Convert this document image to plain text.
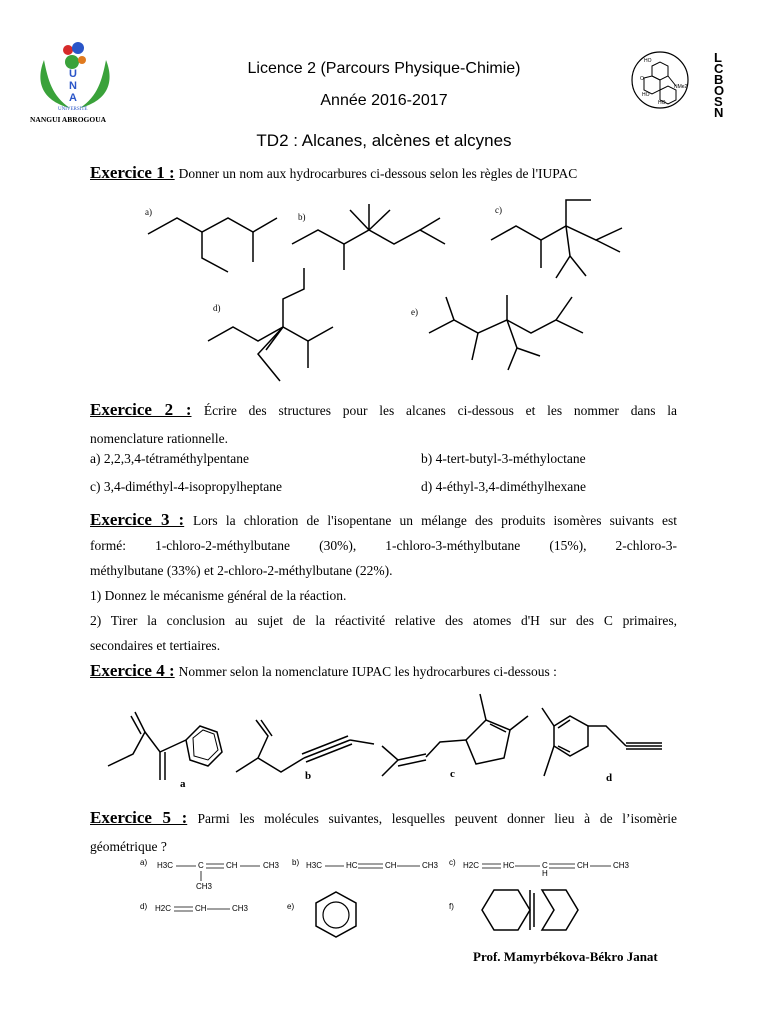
U
N
A
UNIVERSITE
NANGUI ABROGOUA
Licence 2 (Parcours Physique-Chimie)
Année 2016-2017
TD2 : Alcanes, alcènes et alcynes
HO
O
HO
HO
NMe2
LCBOSN
Exercice 1 : Donner un nom aux hydrocarbures ci-dessous selon les règles de l'IUPAC
a)	b)
c)
d)	e)
Exercice 2 : Écrire des structures pour les alcanes ci-dessous et les nommer dans la
nomenclature rationnelle.
a) 2,2,3,4-tétraméthylpentane	b) 4-tert-butyl-3-méthyloctane
c) 3,4-diméthyl-4-isopropylheptane	d) 4-éthyl-3,4-diméthylhexane
Exercice 3 : Lors la chloration de l'isopentane un mélange des produits isomères suivants est
formé: 1-chloro-2-méthylbutane (30%), 1-chloro-3-méthylbutane (15%), 2-chloro-3-
méthylbutane (33%) et 2-chloro-2-méthylbutane (22%).
1) Donnez le mécanisme général de la réaction.
2) Tirer la conclusion au sujet de la réactivité relative des atomes d'H sur des C primaires,
secondaires et tertiaires.
Exercice 4 : Nommer selon la nomenclature IUPAC les hydrocarbures ci-dessous :
a
b	c	d
Exercice 5 : Parmi les molécules suivantes, lesquelles peuvent donner lieu à de l’isomèrie
géométrique ?
a) H3C	C	CH	CH3
CH3
b) H3C	HC	CH	CH3 c) H2C	HC	C	CH	CH3
H
d) H2C	CH	CH3	e)	f)
Prof. Mamyrbékova-Békro Janat
